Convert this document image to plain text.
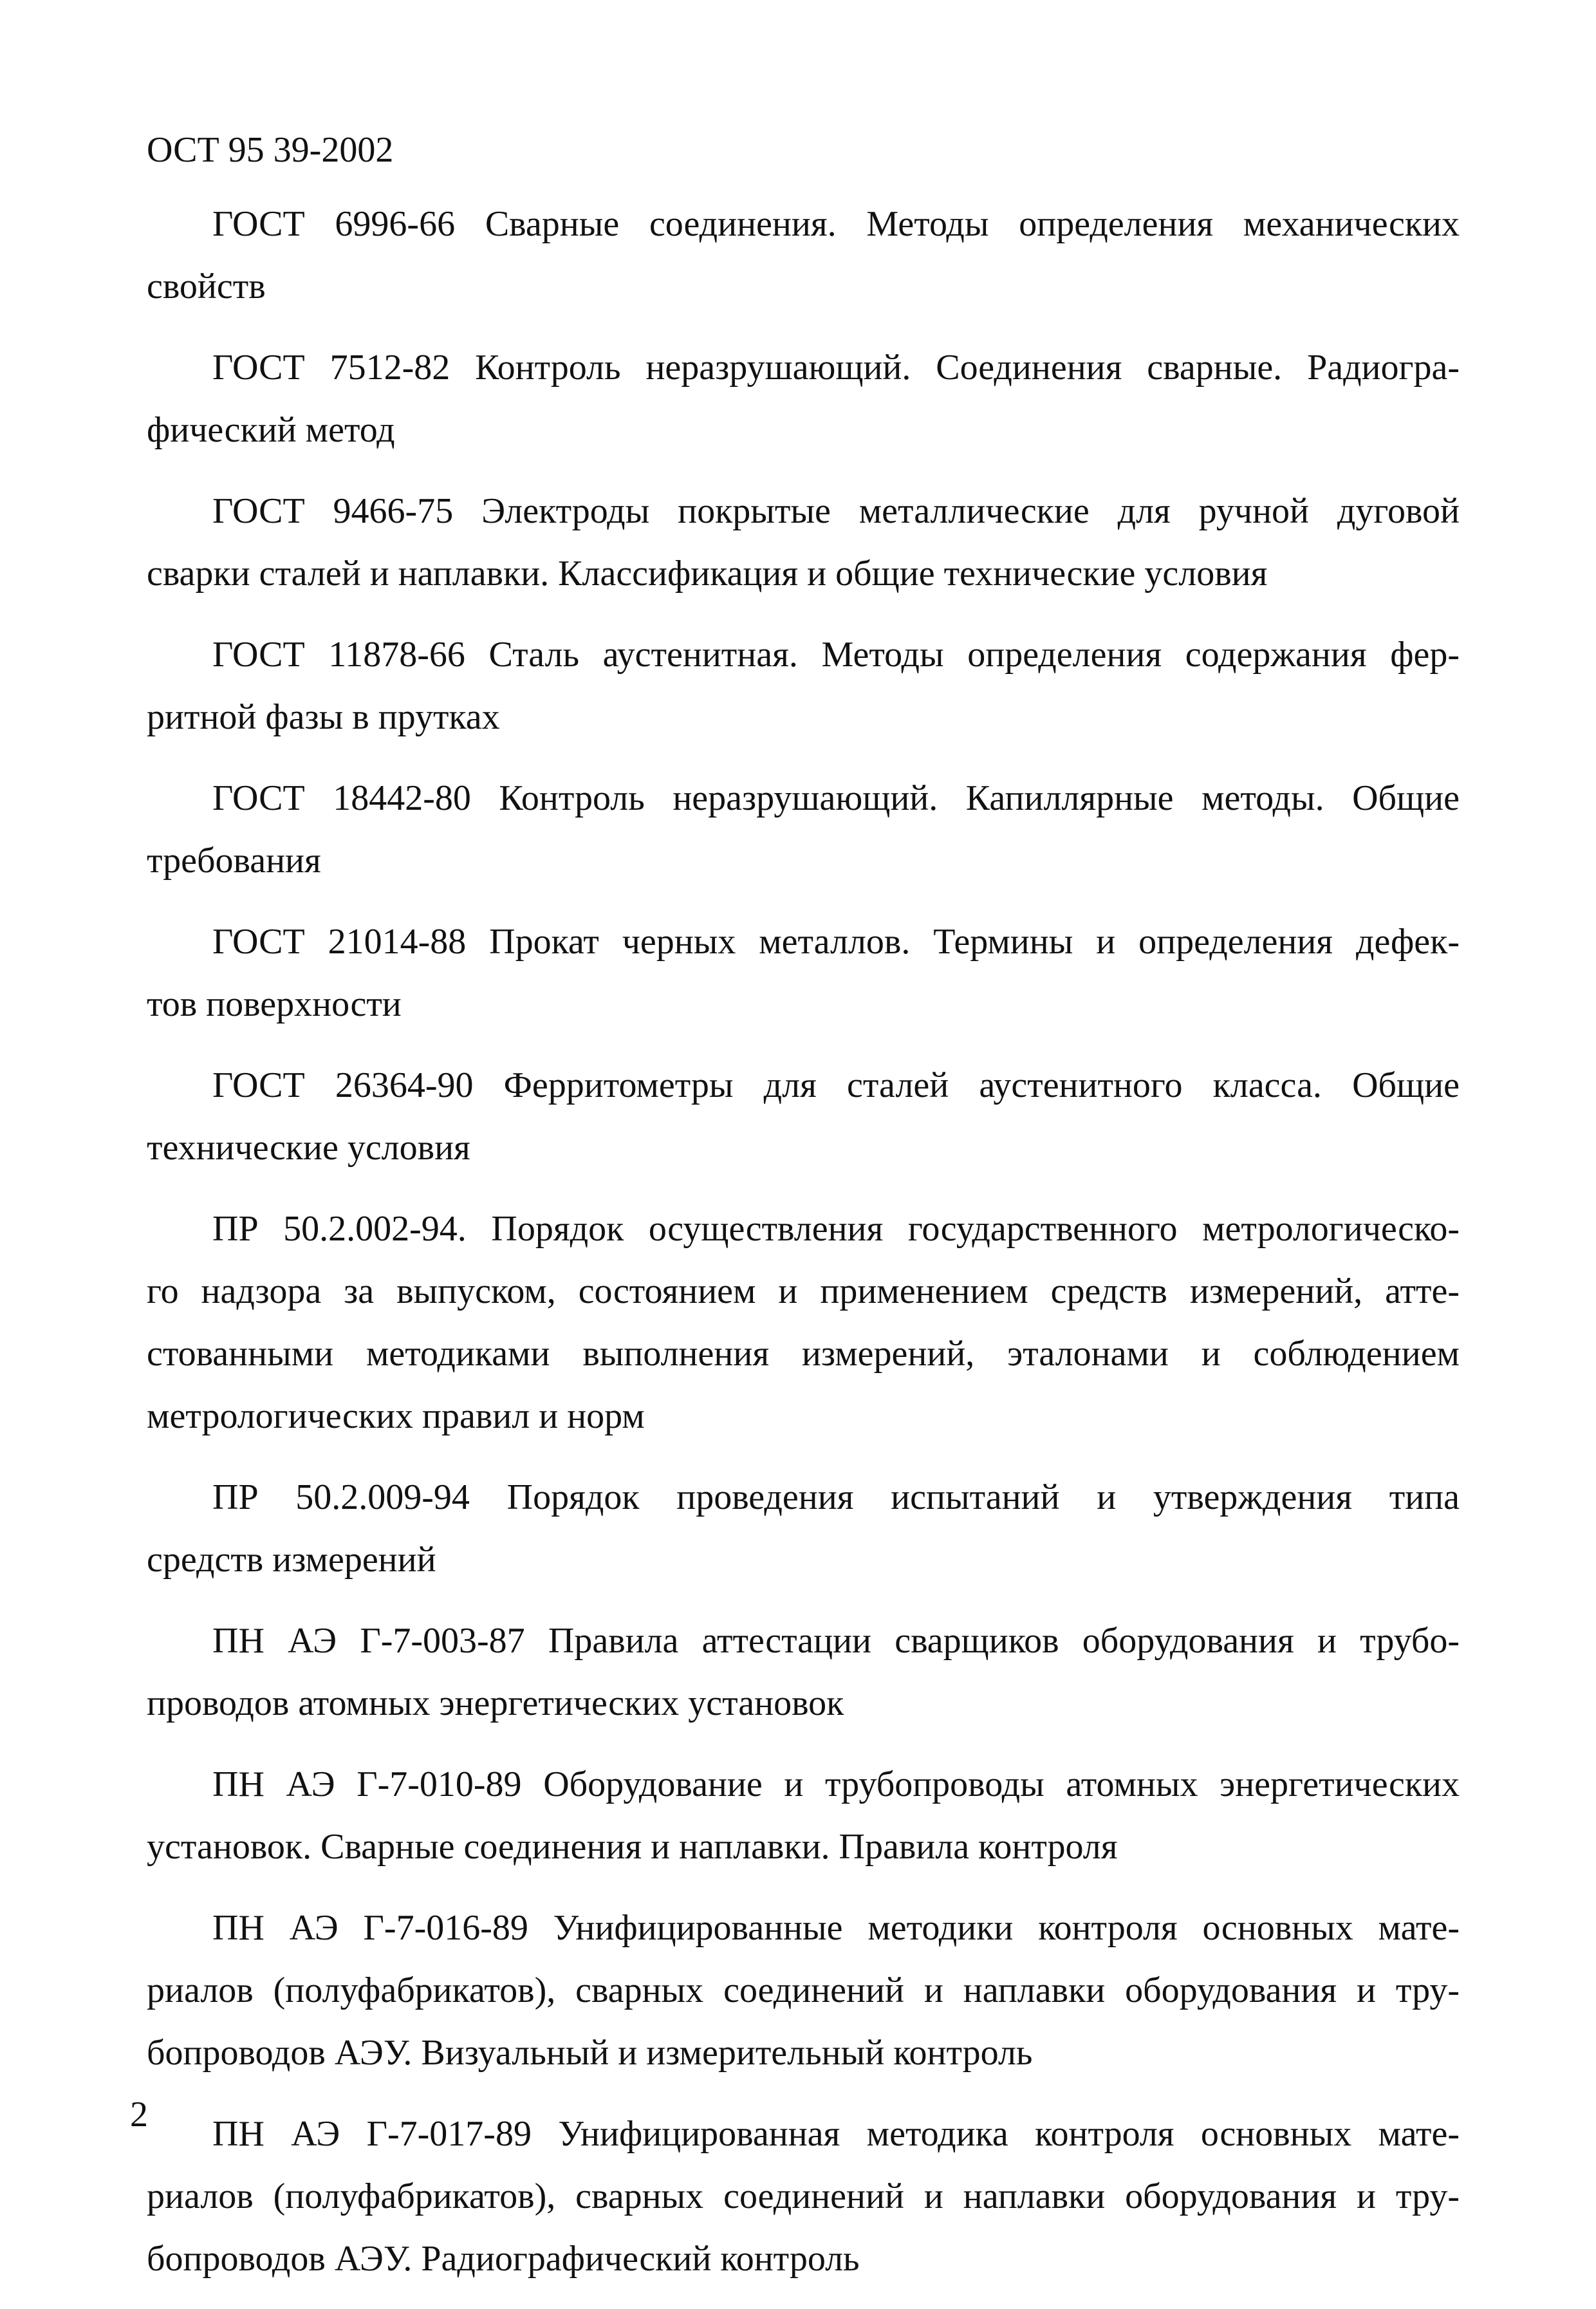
ОСТ 95 39-2002
ГОСТ 6996-66 Сварные соединения. Методы определения механических
свойств
ГОСТ 7512-82 Контроль неразрушающий. Соединения сварные. Радиогра-
фический метод
ГОСТ 9466-75 Электроды покрытые металлические для ручной дуговой
сварки сталей и наплавки. Классификация и общие технические условия
ГОСТ 11878-66 Сталь аустенитная. Методы определения содержания фер-
ритной фазы в прутках
ГОСТ 18442-80 Контроль неразрушающий. Капиллярные методы. Общие
требования
ГОСТ 21014-88 Прокат черных металлов. Термины и определения дефек-
тов поверхности
ГОСТ 26364-90 Ферритометры для сталей аустенитного класса. Общие
технические условия
ПР 50.2.002-94. Порядок осуществления государственного метрологическо-
го надзора за выпуском, состоянием и применением средств измерений, атте-
стованными методиками выполнения измерений, эталонами и соблюдением
метрологических правил и норм
ПР 50.2.009-94 Порядок проведения испытаний и утверждения типа
средств измерений
ПН АЭ Г-7-003-87 Правила аттестации сварщиков оборудования и трубо-
проводов атомных энергетических установок
ПН АЭ Г-7-010-89 Оборудование и трубопроводы атомных энергетических
установок. Сварные соединения и наплавки. Правила контроля
ПН АЭ Г-7-016-89 Унифицированные методики контроля основных мате-
риалов (полуфабрикатов), сварных соединений и наплавки оборудования и тру-
бопроводов АЭУ. Визуальный и измерительный контроль
ПН АЭ Г-7-017-89 Унифицированная методика контроля основных мате-
риалов (полуфабрикатов), сварных соединений и наплавки оборудования и тру-
бопроводов АЭУ. Радиографический контроль
2
